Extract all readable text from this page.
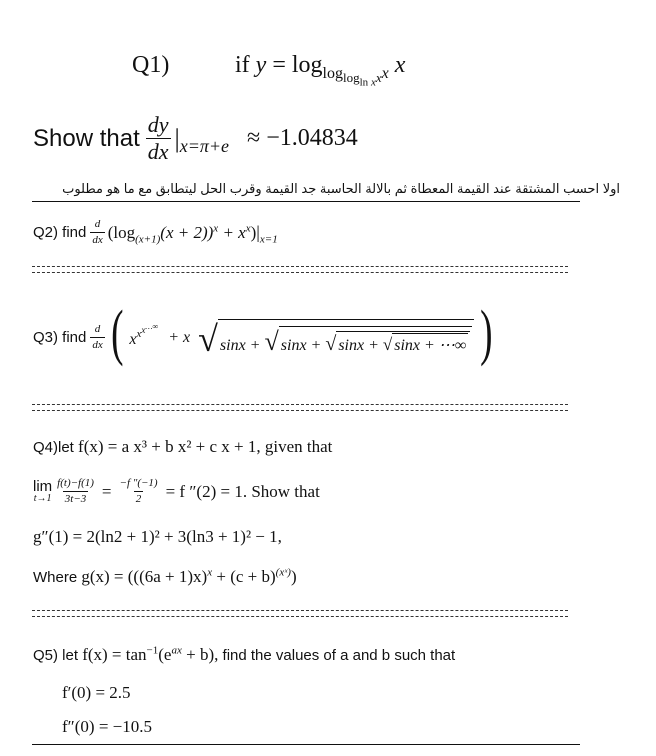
Q1)	if $y = \log_{log_{log_{ln x}x}x} x$
Show that $\frac{dy}{dx}$ | x=π+e ≈ −1.04834
اولا احسب المشتقة عند القيمة المعطاة ثم بالالة الحاسبة جد القيمة وقرب الحل ليتطابق مع ما هو مطلوب
Q2) find $\frac{d}{dx} (\log_{(x+1)}(x + 2))^x + x^x)|_{x=1}$
Q3) find $\frac{d}{dx}$ ( $x^{x^{x^{\dots\infty}}}$
+ x √ sinx + √ sinx + √ sinx + √ sinx + ⋯∞ )
Q4)let f(x) = a x³ + b x² + c x + 1, given that
lim
$t\to 1 \frac{f(t)-f(1)}{3t-3} = \frac{-f ''(-1)}{2} = f$ ″(2) = 1. Show that
g″(1) = 2(ln2 + 1)² + 3(ln3 + 1)² − 1,
Where $g(x) = (((6a + 1)x)^x + (c + b)^{(xˣ)})$
Q5) let $f(x) = \tan^{-1}(e^{ax} + b)$, find the values of a and b such that
f′(0) = 2.5
f″(0) = −10.5
